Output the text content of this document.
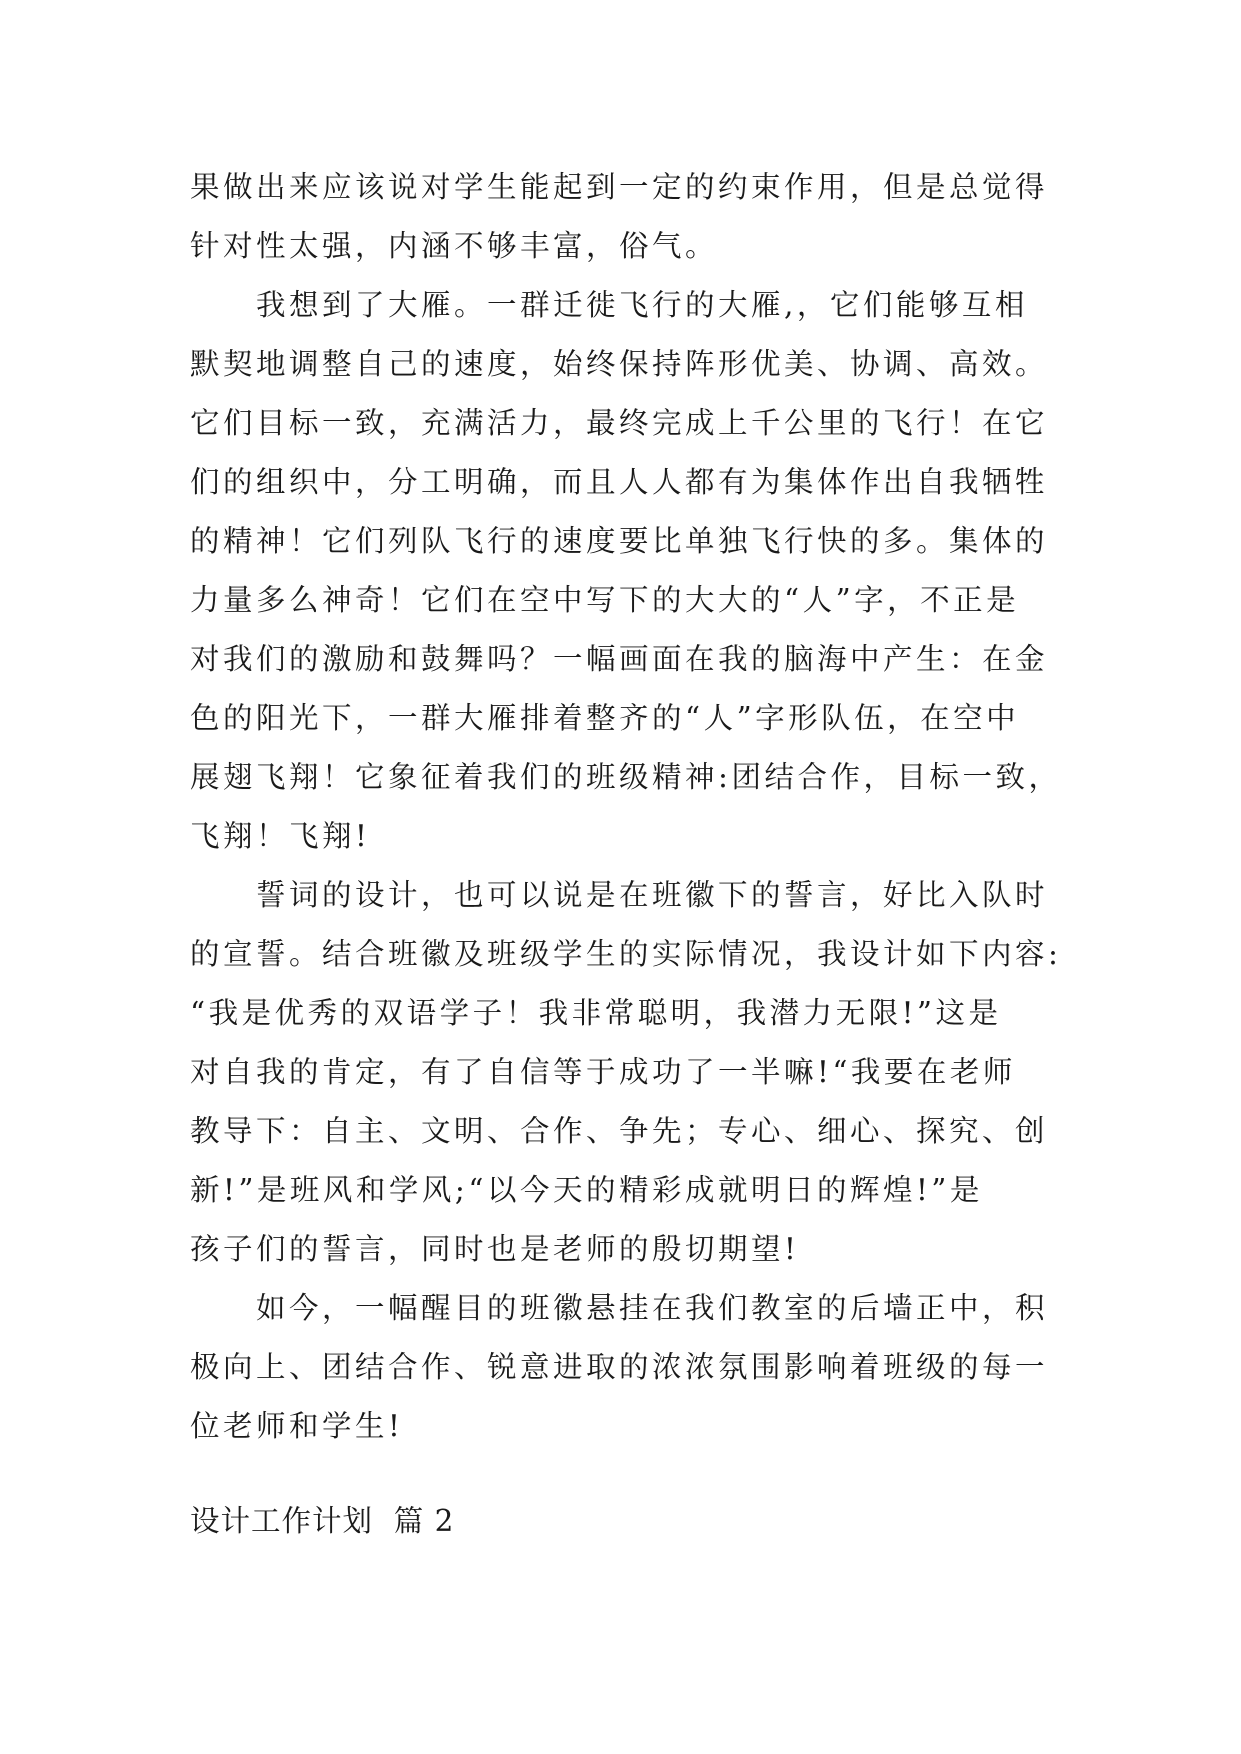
果做出来应该说对学生能起到一定的约束作用，但是总觉得
针对性太强，内涵不够丰富，俗气。
　　我想到了大雁。一群迁徙飞行的大雁,，它们能够互相
默契地调整自己的速度，始终保持阵形优美、协调、高效。
它们目标一致，充满活力，最终完成上千公里的飞行！在它
们的组织中，分工明确，而且人人都有为集体作出自我牺牲
的精神！它们列队飞行的速度要比单独飞行快的多。集体的
力量多么神奇！它们在空中写下的大大的“人”字，不正是
对我们的激励和鼓舞吗？一幅画面在我的脑海中产生：在金
色的阳光下，一群大雁排着整齐的“人”字形队伍，在空中
展翅飞翔！它象征着我们的班级精神:团结合作，目标一致，
飞翔！飞翔!
　　誓词的设计，也可以说是在班徽下的誓言，好比入队时
的宣誓。结合班徽及班级学生的实际情况，我设计如下内容:
“我是优秀的双语学子！我非常聪明，我潜力无限!”这是
对自我的肯定，有了自信等于成功了一半嘛!“我要在老师
教导下：自主、文明、合作、争先；专心、细心、探究、创
新!”是班风和学风;“以今天的精彩成就明日的辉煌!”是
孩子们的誓言，同时也是老师的殷切期望!
　　如今，一幅醒目的班徽悬挂在我们教室的后墙正中，积
极向上、团结合作、锐意进取的浓浓氛围影响着班级的每一
位老师和学生!
设计工作计划  篇 2
